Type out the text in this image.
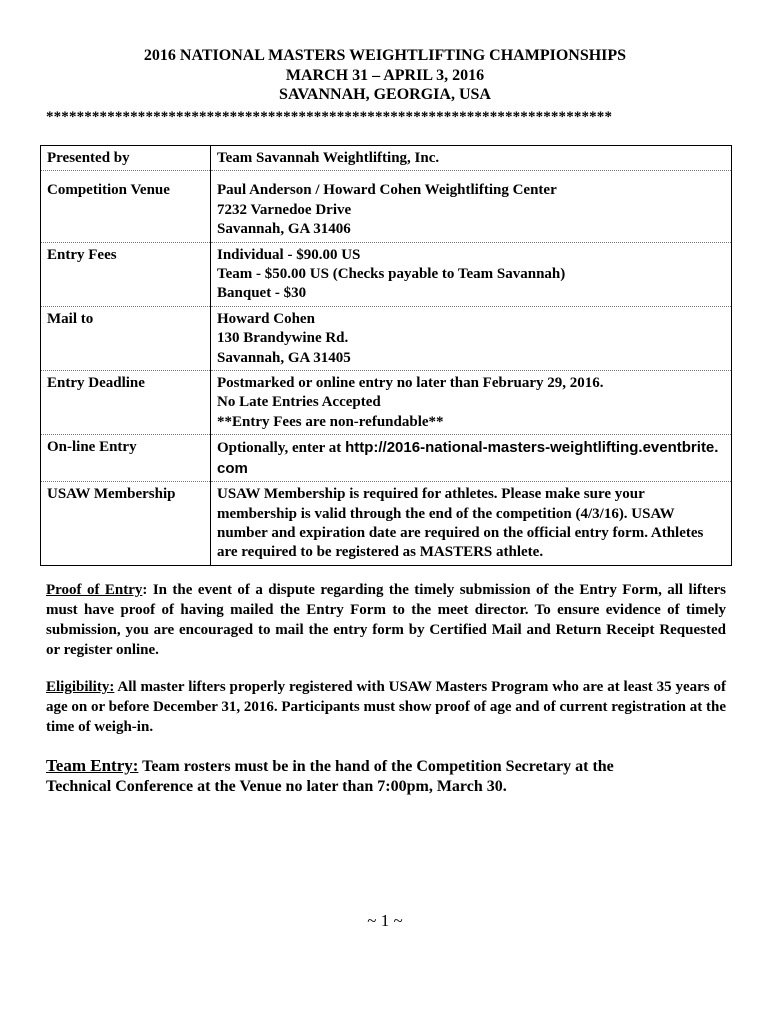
2016 NATIONAL MASTERS WEIGHTLIFTING CHAMPIONSHIPS
MARCH 31 – APRIL 3, 2016
SAVANNAH, GEORGIA, USA
**************************************************************************
Presented by	Team Savannah Weightlifting, Inc.

Competition Venue	Paul Anderson / Howard Cohen Weightlifting Center
7232 Varnedoe Drive
Savannah, GA 31406

Entry Fees	Individual - $90.00 US
Team - $50.00 US (Checks payable to Team Savannah)
Banquet - $30

Mail to	Howard Cohen
130 Brandywine Rd.
Savannah, GA 31405

Entry Deadline	Postmarked or online entry no later than February 29, 2016.
No Late Entries Accepted
**Entry Fees are non-refundable**

On-line Entry	Optionally, enter at http://2016-national-masters-weightlifting.eventbrite.com
USAW Membership	USAW Membership is required for athletes. Please make sure your membership is valid through the end of the competition (4/3/16). USAW number and expiration date are required on the official entry form. Athletes are required to be registered as MASTERS athlete.
Proof of Entry: In the event of a dispute regarding the timely submission of the Entry Form, all lifters must have proof of having mailed the Entry Form to the meet director. To ensure evidence of timely submission, you are encouraged to mail the entry form by Certified Mail and Return Receipt Requested or register online.
Eligibility: All master lifters properly registered with USAW Masters Program who are at least 35 years of age on or before December 31, 2016. Participants must show proof of age and of current registration at the time of weigh-in.
Team Entry: Team rosters must be in the hand of the Competition Secretary at the Technical Conference at the Venue no later than 7:00pm, March 30.
~ 1 ~
